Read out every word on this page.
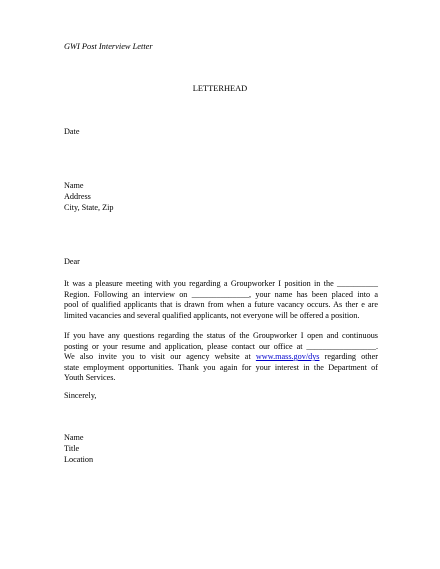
GWI Post Interview Letter
LETTERHEAD
Date
Name
Address
City, State, Zip
Dear
It was a pleasure meeting with you regarding a Groupworker I position in the __________
Region. Following an interview on ______________, your name has been placed into a
pool of qualified applicants that is drawn from when a future vacancy occurs. As ther e are
limited vacancies and several qualified applicants, not everyone will be offered a position.
If you have any questions regarding the status of the Groupworker I open and continuous
posting or your resume and application, please contact our office at _________________.
We also invite you to visit our agency website at www.mass.gov/dys regarding other
state employment opportunities. Thank you again for your interest in the Department of
Youth Services.
Sincerely,
Name
Title
Location
